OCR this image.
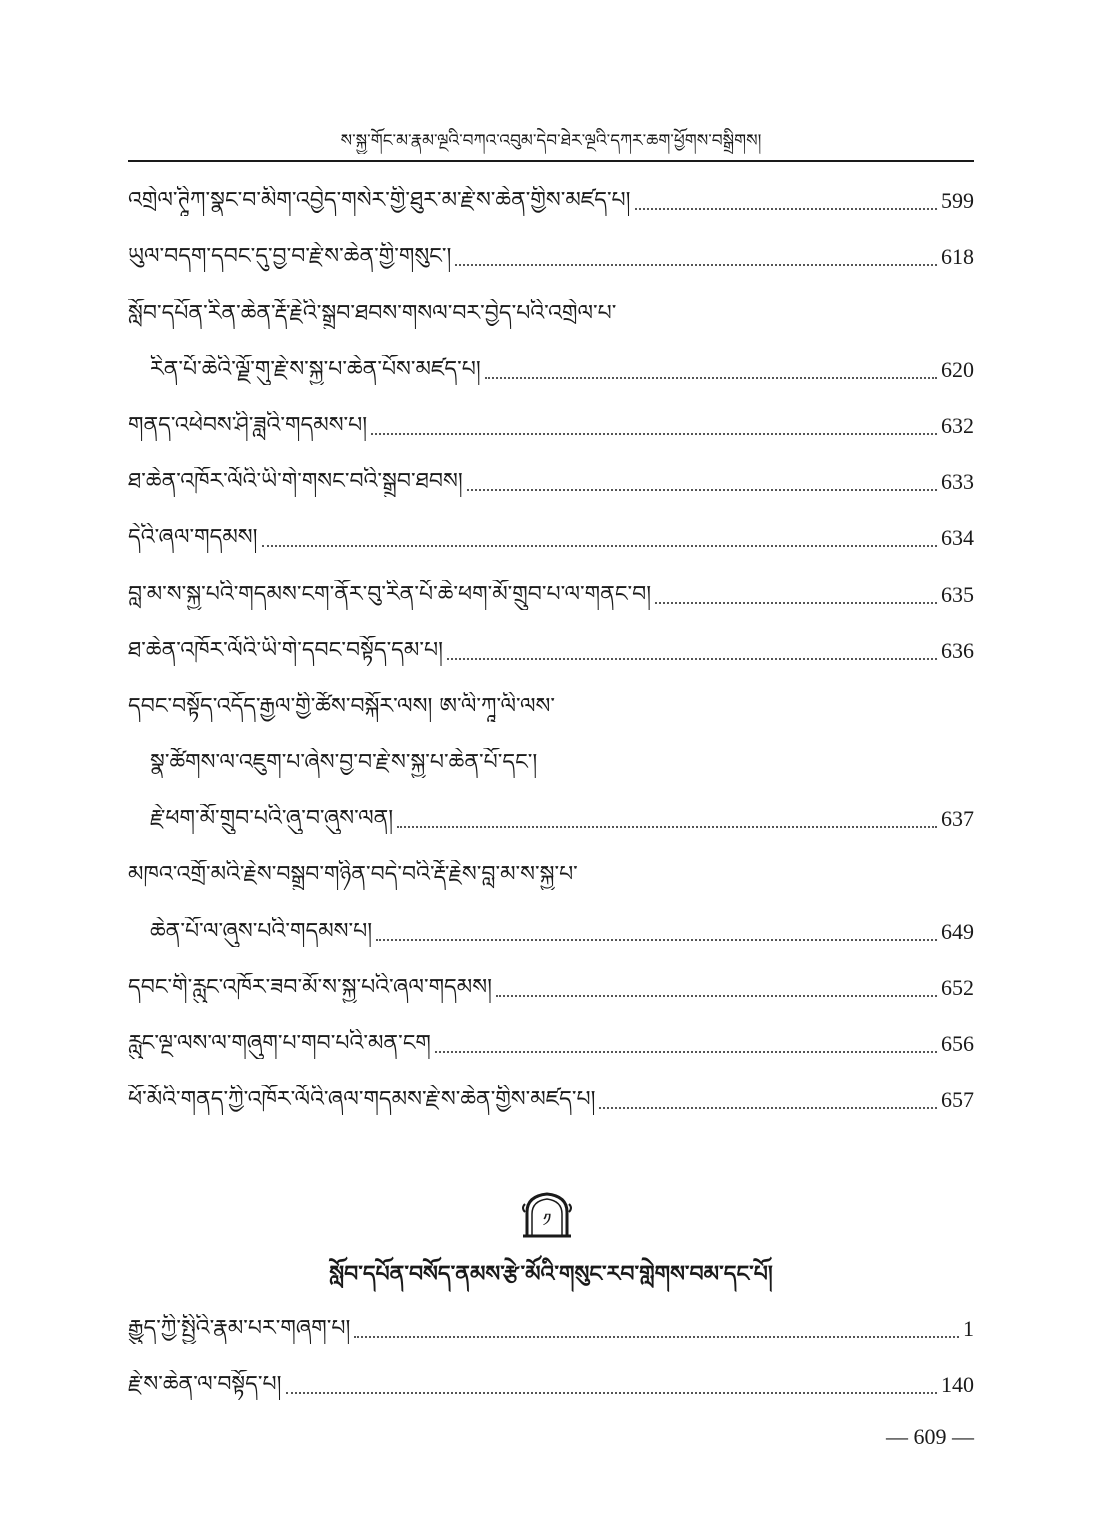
ས་སྐྱ་གོང་མ་རྣམ་ལྔའི་བཀའ་འབུམ་དེབ་ཐེར་ལྔའི་དཀར་ཆག་ཕྱོགས་བསྒྲིགས།
འགྲེལ་ཊཱིཀ་སྣང་བ་མིག་འབྱེད་གསེར་གྱི་ཐུར་མ་རྗེ་ས་ཆེན་གྱིས་མཛད་པ།	599
ཡུལ་བདག་དབང་དུ་བྱ་བ་རྗེ་ས་ཆེན་གྱི་གསུང་།	618
སློབ་དཔོན་རིན་ཆེན་རྡོ་རྗེའི་སྒྲུབ་ཐབས་གསལ་བར་བྱེད་པའི་འགྲེལ་པ་
རིན་པོ་ཆེའི་ལྗོ་གུ་རྗེ་ས་སྐྱ་པ་ཆེན་པོས་མཛད་པ།	620
གནད་འཕེབས་ཤི་ཟླའི་གདམས་པ།	632
ཐ་ཆེན་འཁོར་ལོའི་ཡི་གེ་གསང་བའི་སྒྲུབ་ཐབས།	633
དེའི་ཞལ་གདམས།	634
བླ་མ་ས་སྐྱ་པའི་གདམས་ངག་ནོར་བུ་རིན་པོ་ཆེ་ཕག་མོ་གྲུབ་པ་ལ་གནང་བ།	635
ཐ་ཆེན་འཁོར་ལོའི་ཡི་གེ་དབང་བསྟོད་དམ་པ།	636
དབང་བསྟོད་འདོད་རྒྱལ་གྱི་ཚོས་བསྐོར་ལས། ཨ་ལི་ཀཱ་ལི་ལས་
སྣ་ཚོགས་ལ་འཇུག་པ་ཞེས་བྱ་བ་རྗེ་ས་སྐྱ་པ་ཆེན་པོ་དང་།
རྗེ་ཕག་མོ་གྲུབ་པའི་ཞུ་བ་ཞུས་ལན།	637
མཁའ་འགྲོ་མའི་རྗེས་བསྒྲུབ་གཉིན་བདེ་བའི་རྡོ་རྗེས་བླ་མ་ས་སྐྱ་པ་
ཆེན་པོ་ལ་ཞུས་པའི་གདམས་པ།	649
དབང་གི་རླུང་འཁོར་ཟབ་མོ་ས་སྐྱ་པའི་ཞལ་གདམས།	652
རླུང་ལྔ་ལས་ལ་གཞུག་པ་གབ་པའི་མན་ངག	656
ཕོ་མོའི་གནད་ཀྱི་འཁོར་ལོའི་ཞལ་གདམས་རྗེ་ས་ཆེན་གྱིས་མཛད་པ།	657
༡
སློབ་དཔོན་བསོད་ནམས་རྩེ་མོའི་གསུང་རབ་གླེགས་བམ་དང་པོ།
རྒྱུད་ཀྱི་སྤྱིའི་རྣམ་པར་གཞག་པ།	1
རྗེ་ས་ཆེན་ལ་བསྟོད་པ།	140
— 609 —
